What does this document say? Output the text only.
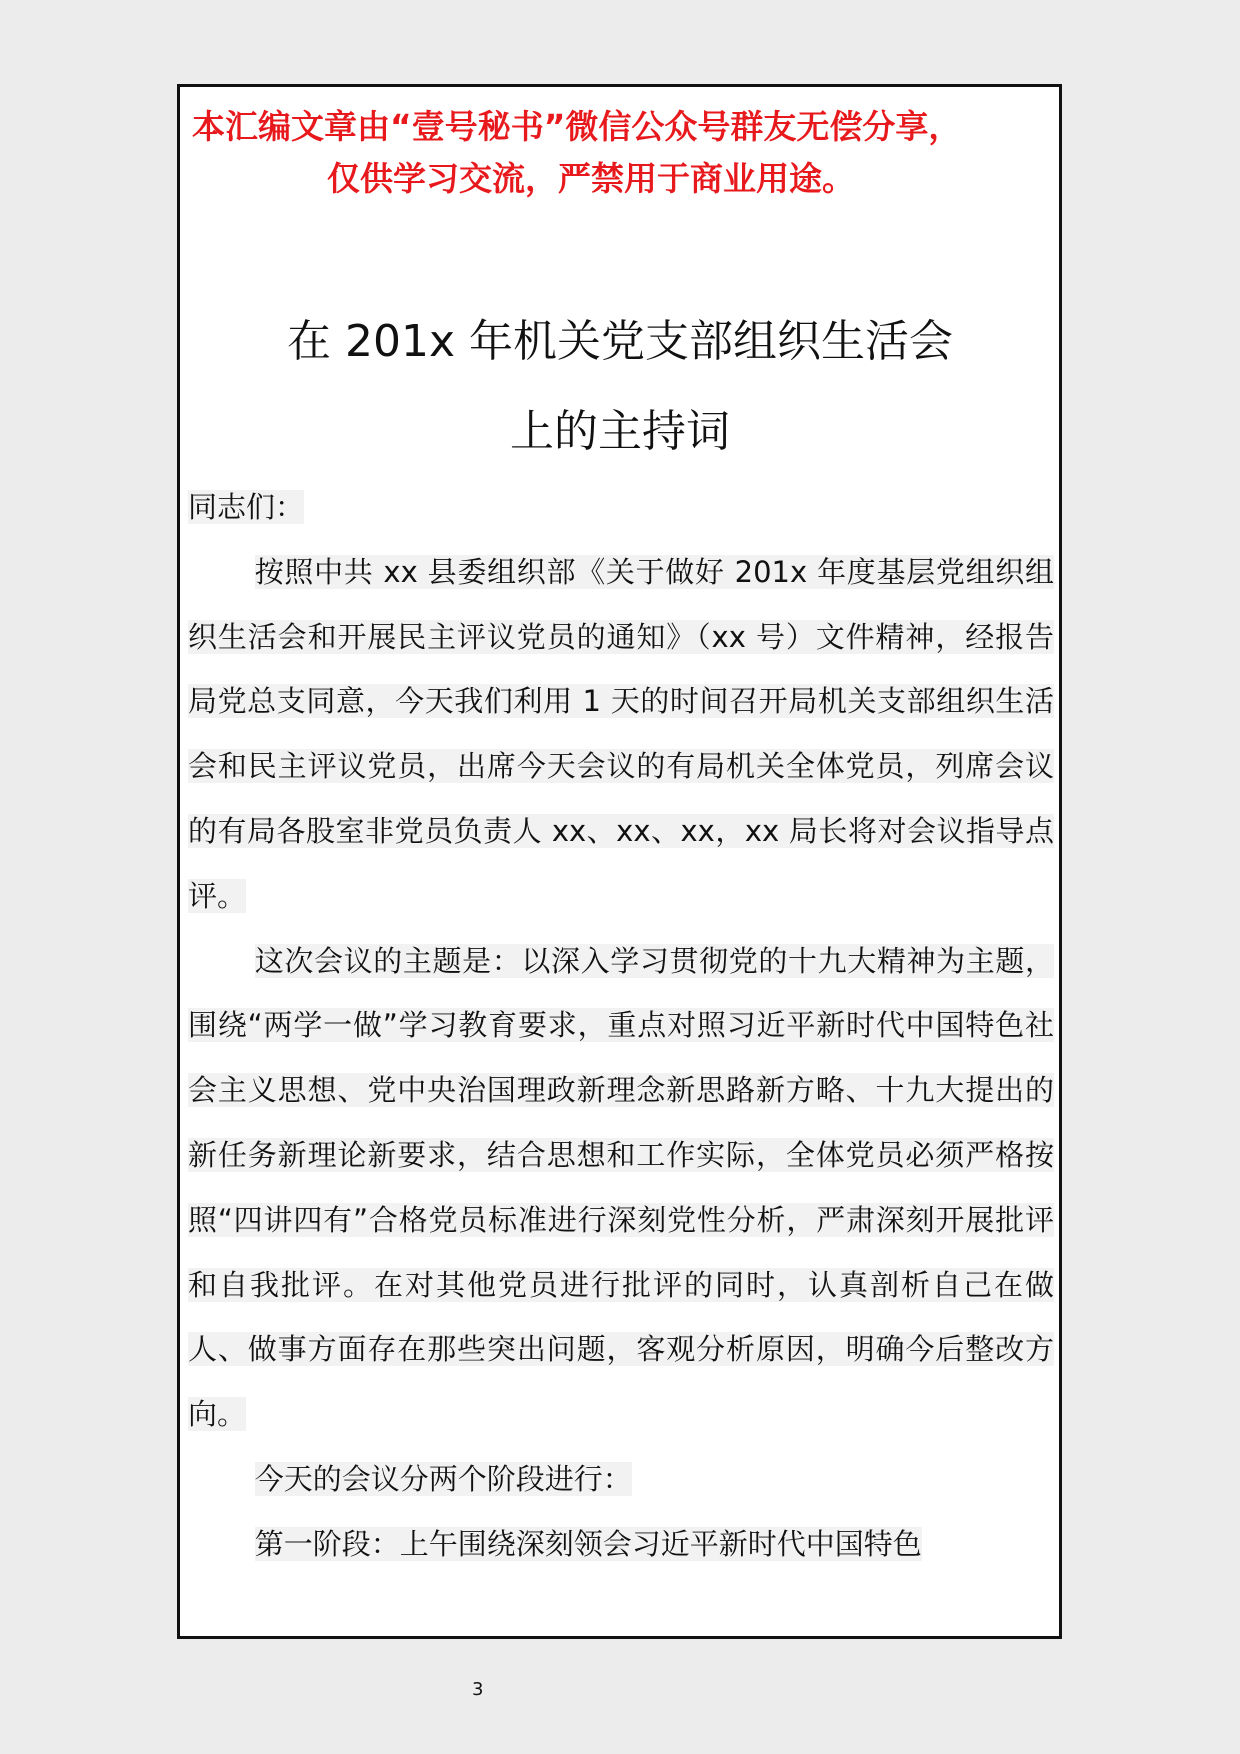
本汇编文章由“壹号秘书”微信公众号群友无偿分享，
仅供学习交流，严禁用于商业用途。
在 201x 年机关党支部组织生活会
上的主持词

同志们：

按照中共 xx 县委组织部《关于做好 201x 年度基层党组织组织生活会和开展民主评议党员的通知》（xx 号）文件精神，经报告局党总支同意，今天我们利用 1 天的时间召开局机关支部组织生活会和民主评议党员，出席今天会议的有局机关全体党员，列席会议的有局各股室非党员负责人 xx、xx、xx，xx 局长将对会议指导点评。

这次会议的主题是：以深入学习贯彻党的十九大精神为主题，围绕“两学一做”学习教育要求，重点对照习近平新时代中国特色社会主义思想、党中央治国理政新理念新思路新方略、十九大提出的新任务新理论新要求，结合思想和工作实际，全体党员必须严格按照“四讲四有”合格党员标准进行深刻党性分析，严肃深刻开展批评和自我批评。在对其他党员进行批评的同时，认真剖析自己在做人、做事方面存在那些突出问题，客观分析原因，明确今后整改方向。

今天的会议分两个阶段进行：

第一阶段：上午围绕深刻领会习近平新时代中国特色

3
